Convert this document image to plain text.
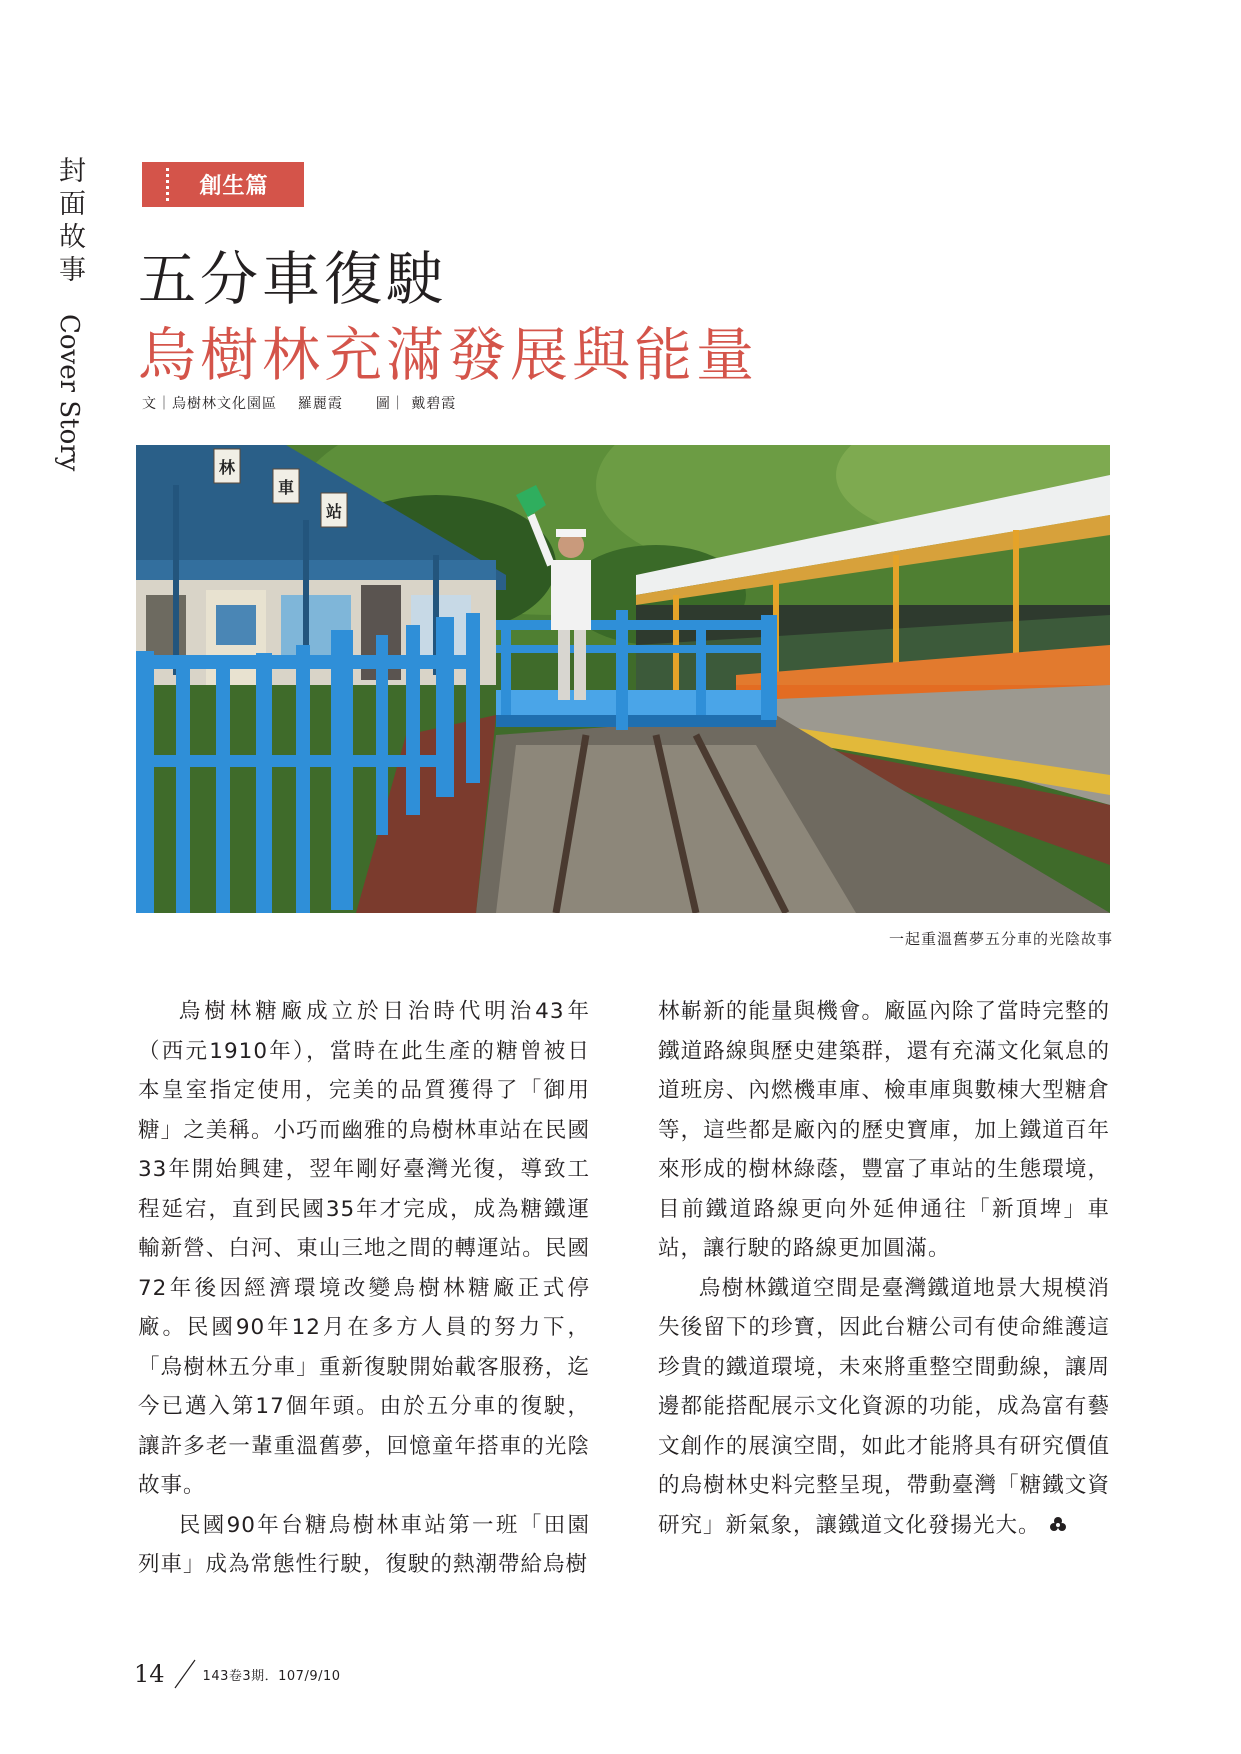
封面故事 Cover Story
創生篇
五分車復駛
烏樹林充滿發展與能量
文｜烏樹林文化園區 羅麗霞 圖｜ 戴碧霞
林
車
站
一起重溫舊夢五分車的光陰故事

烏樹林糖廠成立於日治時代明治43年（西元1910年），當時在此生產的糖曾被日本皇室指定使用，完美的品質獲得了「御用糖」之美稱。小巧而幽雅的烏樹林車站在民國33年開始興建，翌年剛好臺灣光復，導致工程延宕，直到民國35年才完成，成為糖鐵運輸新營、白河、東山三地之間的轉運站。民國72年後因經濟環境改變烏樹林糖廠正式停廠。民國90年12月在多方人員的努力下，「烏樹林五分車」重新復駛開始載客服務，迄今已邁入第17個年頭。由於五分車的復駛，讓許多老一輩重溫舊夢，回憶童年搭車的光陰故事。

民國90年台糖烏樹林車站第一班「田園列車」成為常態性行駛，復駛的熱潮帶給烏樹

林嶄新的能量與機會。廠區內除了當時完整的鐵道路線與歷史建築群，還有充滿文化氣息的道班房、內燃機車庫、檢車庫與數棟大型糖倉等，這些都是廠內的歷史寶庫，加上鐵道百年來形成的樹林綠蔭，豐富了車站的生態環境，目前鐵道路線更向外延伸通往「新頂埤」車站，讓行駛的路線更加圓滿。

烏樹林鐵道空間是臺灣鐵道地景大規模消失後留下的珍寶，因此台糖公司有使命維護這珍貴的鐵道環境，未來將重整空間動線，讓周邊都能搭配展示文化資源的功能，成為富有藝文創作的展演空間，如此才能將具有研究價值的烏樹林史料完整呈現，帶動臺灣「糖鐵文資研究」新氣象，讓鐵道文化發揚光大。

14	143卷3期．107/9/10
